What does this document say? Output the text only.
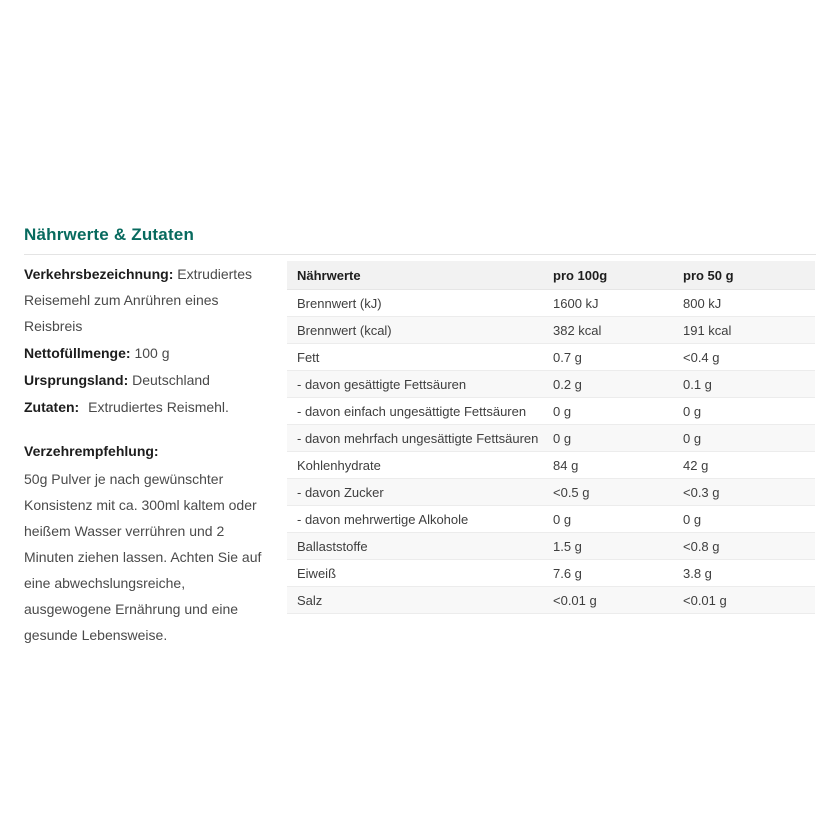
Nährwerte & Zutaten

Verkehrsbezeichnung: Extrudiertes Reisemehl zum Anrühren eines Reisbreis

Nettofüllmenge: 100 g

Ursprungsland: Deutschland

Zutaten: Extrudiertes Reismehl.

Verzehrempfehlung:

50g Pulver je nach gewünschter Konsistenz mit ca. 300ml kaltem oder heißem Wasser verrühren und 2 Minuten ziehen lassen. Achten Sie auf eine abwechslungsreiche, ausgewogene Ernährung und eine gesunde Lebensweise.

Nährwerte	pro 100g	pro 50 g
Brennwert (kJ)	1600 kJ	800 kJ
Brennwert (kcal)	382 kcal	191 kcal
Fett	0.7 g	<0.4 g
- davon gesättigte Fettsäuren	0.2 g	0.1 g
- davon einfach ungesättigte Fettsäuren	0 g	0 g
- davon mehrfach ungesättigte Fettsäuren	0 g	0 g
Kohlenhydrate	84 g	42 g
- davon Zucker	<0.5 g	<0.3 g
- davon mehrwertige Alkohole	0 g	0 g
Ballaststoffe	1.5 g	<0.8 g
Eiweiß	7.6 g	3.8 g
Salz	<0.01 g	<0.01 g
